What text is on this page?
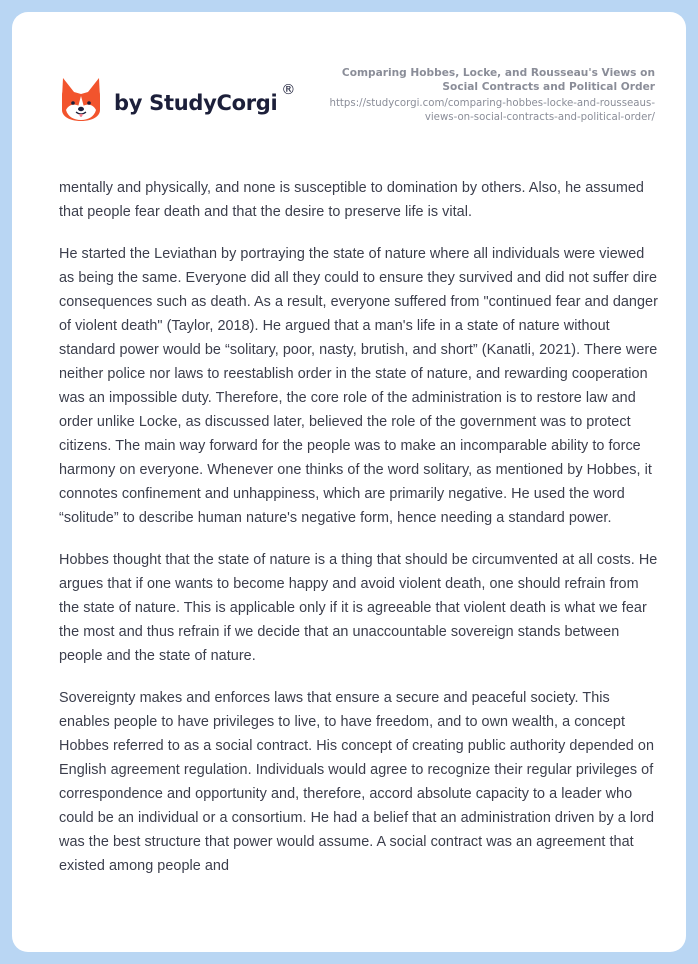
by StudyCorgi
®

Comparing Hobbes, Locke, and Rousseau's Views on Social Contracts and Political Order

https://studycorgi.com/comparing-hobbes-locke-and-rousseaus-views-on-social-contracts-and-political-order/

mentally and physically, and none is susceptible to domination by others. Also, he assumed that people fear death and that the desire to preserve life is vital.

He started the Leviathan by portraying the state of nature where all individuals were viewed as being the same. Everyone did all they could to ensure they survived and did not suffer dire consequences such as death. As a result, everyone suffered from "continued fear and danger of violent death" (Taylor, 2018). He argued that a man's life in a state of nature without standard power would be “solitary, poor, nasty, brutish, and short” (Kanatli, 2021). There were neither police nor laws to reestablish order in the state of nature, and rewarding cooperation was an impossible duty. Therefore, the core role of the administration is to restore law and order unlike Locke, as discussed later, believed the role of the government was to protect citizens. The main way forward for the people was to make an incomparable ability to force harmony on everyone. Whenever one thinks of the word solitary, as mentioned by Hobbes, it connotes confinement and unhappiness, which are primarily negative. He used the word “solitude” to describe human nature's negative form, hence needing a standard power.

Hobbes thought that the state of nature is a thing that should be circumvented at all costs. He argues that if one wants to become happy and avoid violent death, one should refrain from the state of nature. This is applicable only if it is agreeable that violent death is what we fear the most and thus refrain if we decide that an unaccountable sovereign stands between people and the state of nature.

Sovereignty makes and enforces laws that ensure a secure and peaceful society. This enables people to have privileges to live, to have freedom, and to own wealth, a concept Hobbes referred to as a social contract. His concept of creating public authority depended on English agreement regulation. Individuals would agree to recognize their regular privileges of correspondence and opportunity and, therefore, accord absolute capacity to a leader who could be an individual or a consortium. He had a belief that an administration driven by a lord was the best structure that power would assume. A social contract was an agreement that existed among people and
